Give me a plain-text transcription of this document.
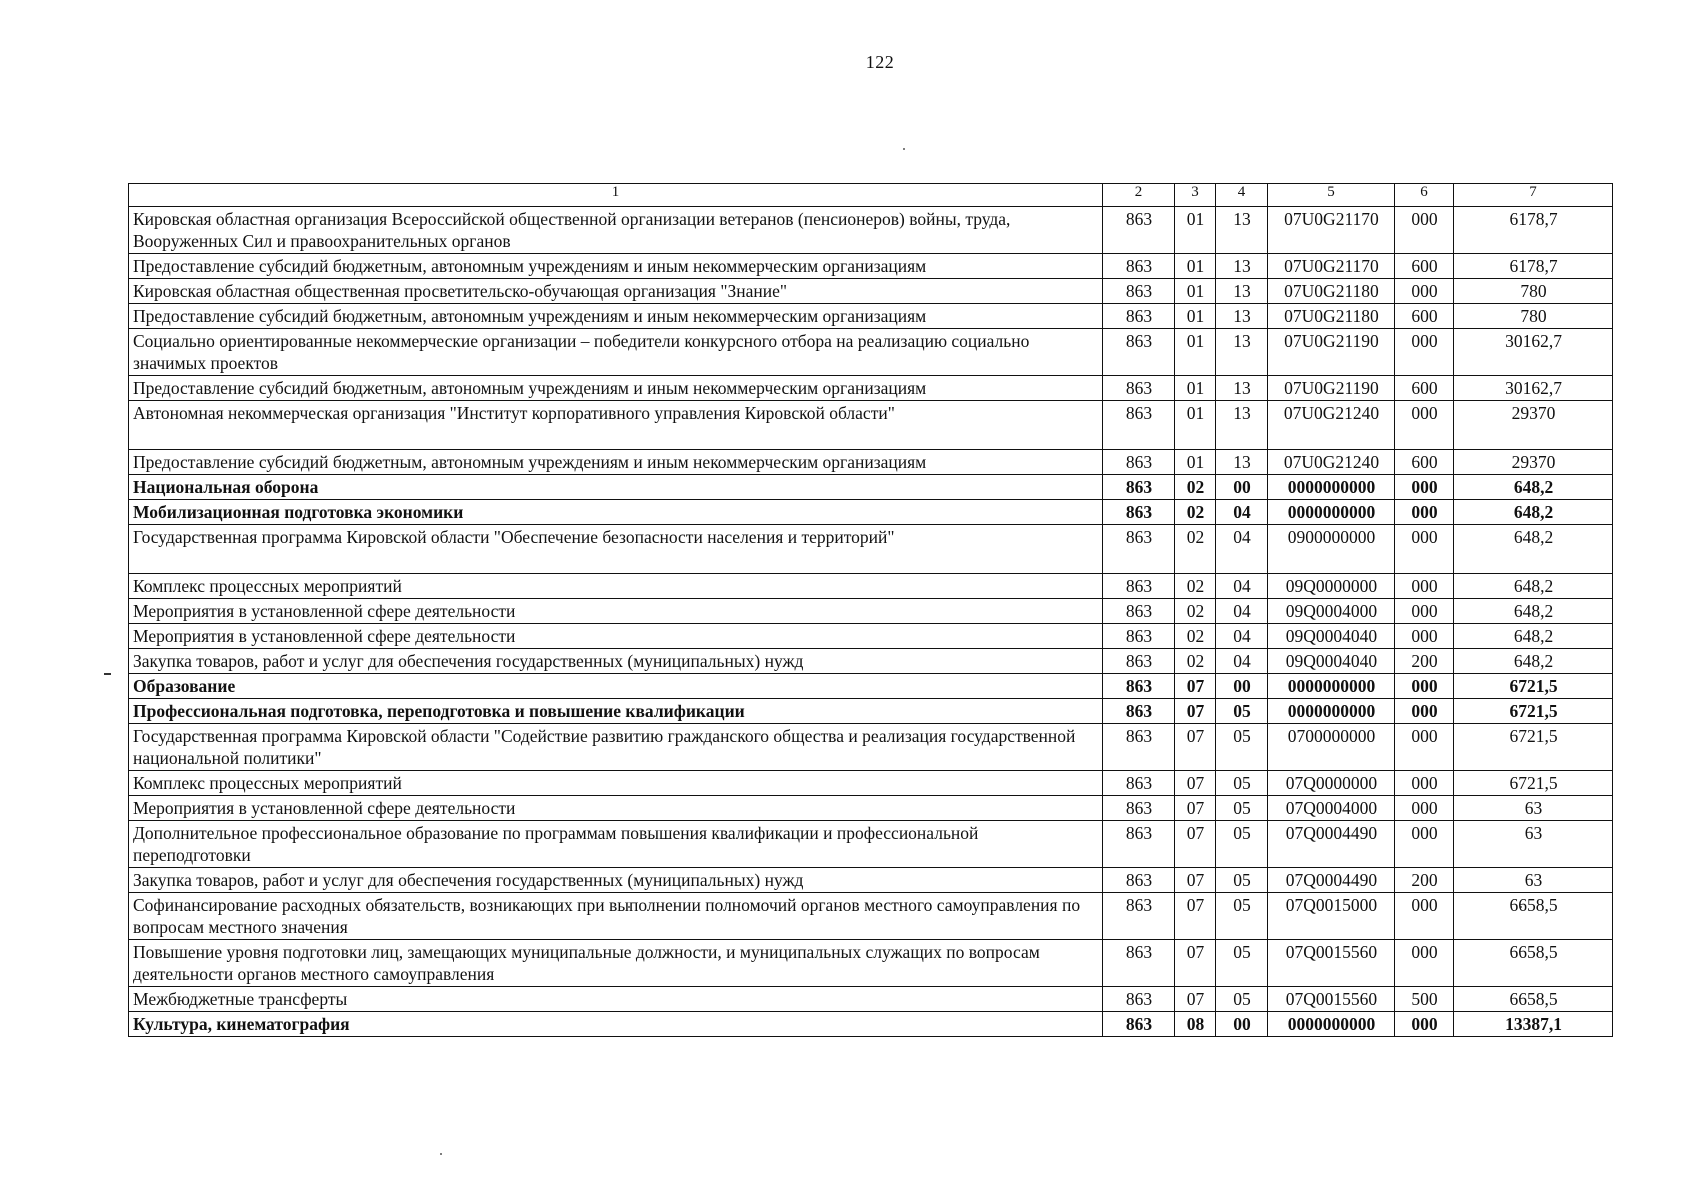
122
1	2	3	4	5	6	7
Кировская областная организация Всероссийской общественной организации ветеранов (пенсионеров) войны, труда, Вооруженных Сил и правоохранительных органов	863	01	13	07U0G21170	000	6178,7
Предоставление субсидий бюджетным, автономным учреждениям и иным некоммерческим организациям	863	01	13	07U0G21170	600	6178,7
Кировская областная общественная просветительско-обучающая организация "Знание"	863	01	13	07U0G21180	000	780
Предоставление субсидий бюджетным, автономным учреждениям и иным некоммерческим организациям	863	01	13	07U0G21180	600	780
Социально ориентированные некоммерческие организации – победители конкурсного отбора на реализацию социально значимых проектов	863	01	13	07U0G21190	000	30162,7
Предоставление субсидий бюджетным, автономным учреждениям и иным некоммерческим организациям	863	01	13	07U0G21190	600	30162,7
Автономная некоммерческая организация "Институт корпоративного управления Кировской области"	863	01	13	07U0G21240	000	29370
Предоставление субсидий бюджетным, автономным учреждениям и иным некоммерческим организациям	863	01	13	07U0G21240	600	29370
Национальная оборона	863	02	00	0000000000	000	648,2
Мобилизационная подготовка экономики	863	02	04	0000000000	000	648,2
Государственная программа Кировской области "Обеспечение безопасности населения и территорий"	863	02	04	0900000000	000	648,2
Комплекс процессных мероприятий	863	02	04	09Q0000000	000	648,2
Мероприятия в установленной сфере деятельности	863	02	04	09Q0004000	000	648,2
Мероприятия в установленной сфере деятельности	863	02	04	09Q0004040	000	648,2
Закупка товаров, работ и услуг для обеспечения государственных (муниципальных) нужд	863	02	04	09Q0004040	200	648,2
Образование	863	07	00	0000000000	000	6721,5
Профессиональная подготовка, переподготовка и повышение квалификации	863	07	05	0000000000	000	6721,5
Государственная программа Кировской области "Содействие развитию гражданского общества и реализация государственной национальной политики"	863	07	05	0700000000	000	6721,5
Комплекс процессных мероприятий	863	07	05	07Q0000000	000	6721,5
Мероприятия в установленной сфере деятельности	863	07	05	07Q0004000	000	63
Дополнительное профессиональное образование по программам повышения квалификации и профессиональной переподготовки	863	07	05	07Q0004490	000	63
Закупка товаров, работ и услуг для обеспечения государственных (муниципальных) нужд	863	07	05	07Q0004490	200	63
Софинансирование расходных обязательств, возникающих при выполнении полномочий органов местного самоуправления по вопросам местного значения	863	07	05	07Q0015000	000	6658,5
Повышение уровня подготовки лиц, замещающих муниципальные должности, и муниципальных служащих по вопросам деятельности органов местного самоуправления	863	07	05	07Q0015560	000	6658,5
Межбюджетные трансферты	863	07	05	07Q0015560	500	6658,5
Культура, кинематография	863	08	00	0000000000	000	13387,1
